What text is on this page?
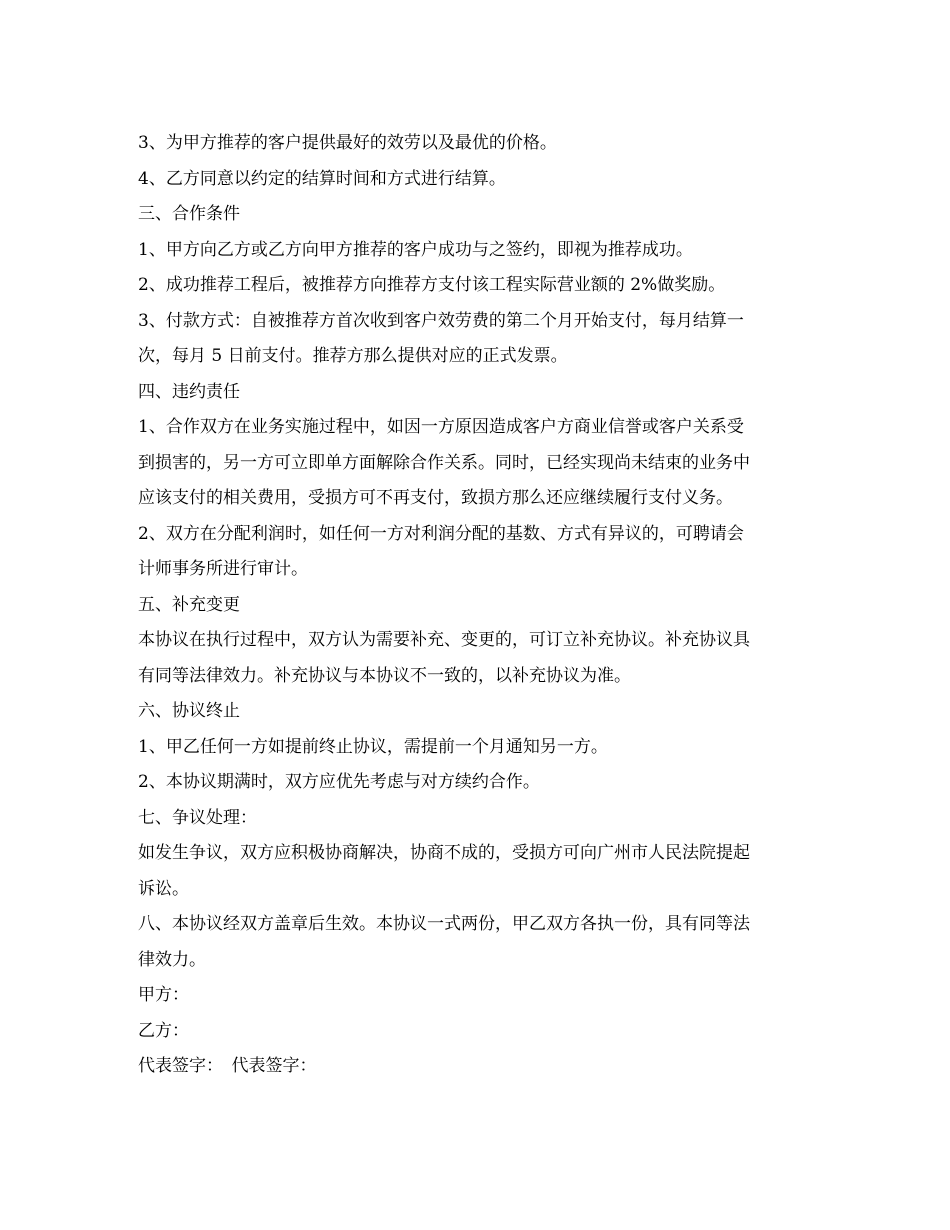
3、为甲方推荐的客户提供最好的效劳以及最优的价格。

4、乙方同意以约定的结算时间和方式进行结算。

三、合作条件

1、甲方向乙方或乙方向甲方推荐的客户成功与之签约，即视为推荐成功。

2、成功推荐工程后，被推荐方向推荐方支付该工程实际营业额的 2%做奖励。

3、付款方式：自被推荐方首次收到客户效劳费的第二个月开始支付，每月结算一
次，每月 5 日前支付。推荐方那么提供对应的正式发票。

四、违约责任

1、合作双方在业务实施过程中，如因一方原因造成客户方商业信誉或客户关系受
到损害的，另一方可立即单方面解除合作关系。同时，已经实现尚未结束的业务中
应该支付的相关费用，受损方可不再支付，致损方那么还应继续履行支付义务。

2、双方在分配利润时，如任何一方对利润分配的基数、方式有异议的，可聘请会
计师事务所进行审计。

五、补充变更

本协议在执行过程中，双方认为需要补充、变更的，可订立补充协议。补充协议具
有同等法律效力。补充协议与本协议不一致的，以补充协议为准。

六、协议终止

1、甲乙任何一方如提前终止协议，需提前一个月通知另一方。

2、本协议期满时，双方应优先考虑与对方续约合作。

七、争议处理：

如发生争议，双方应积极协商解决，协商不成的，受损方可向广州市人民法院提起
诉讼。

八、本协议经双方盖章后生效。本协议一式两份，甲乙双方各执一份，具有同等法
律效力。

甲方：

乙方：

代表签字：　代表签字：
